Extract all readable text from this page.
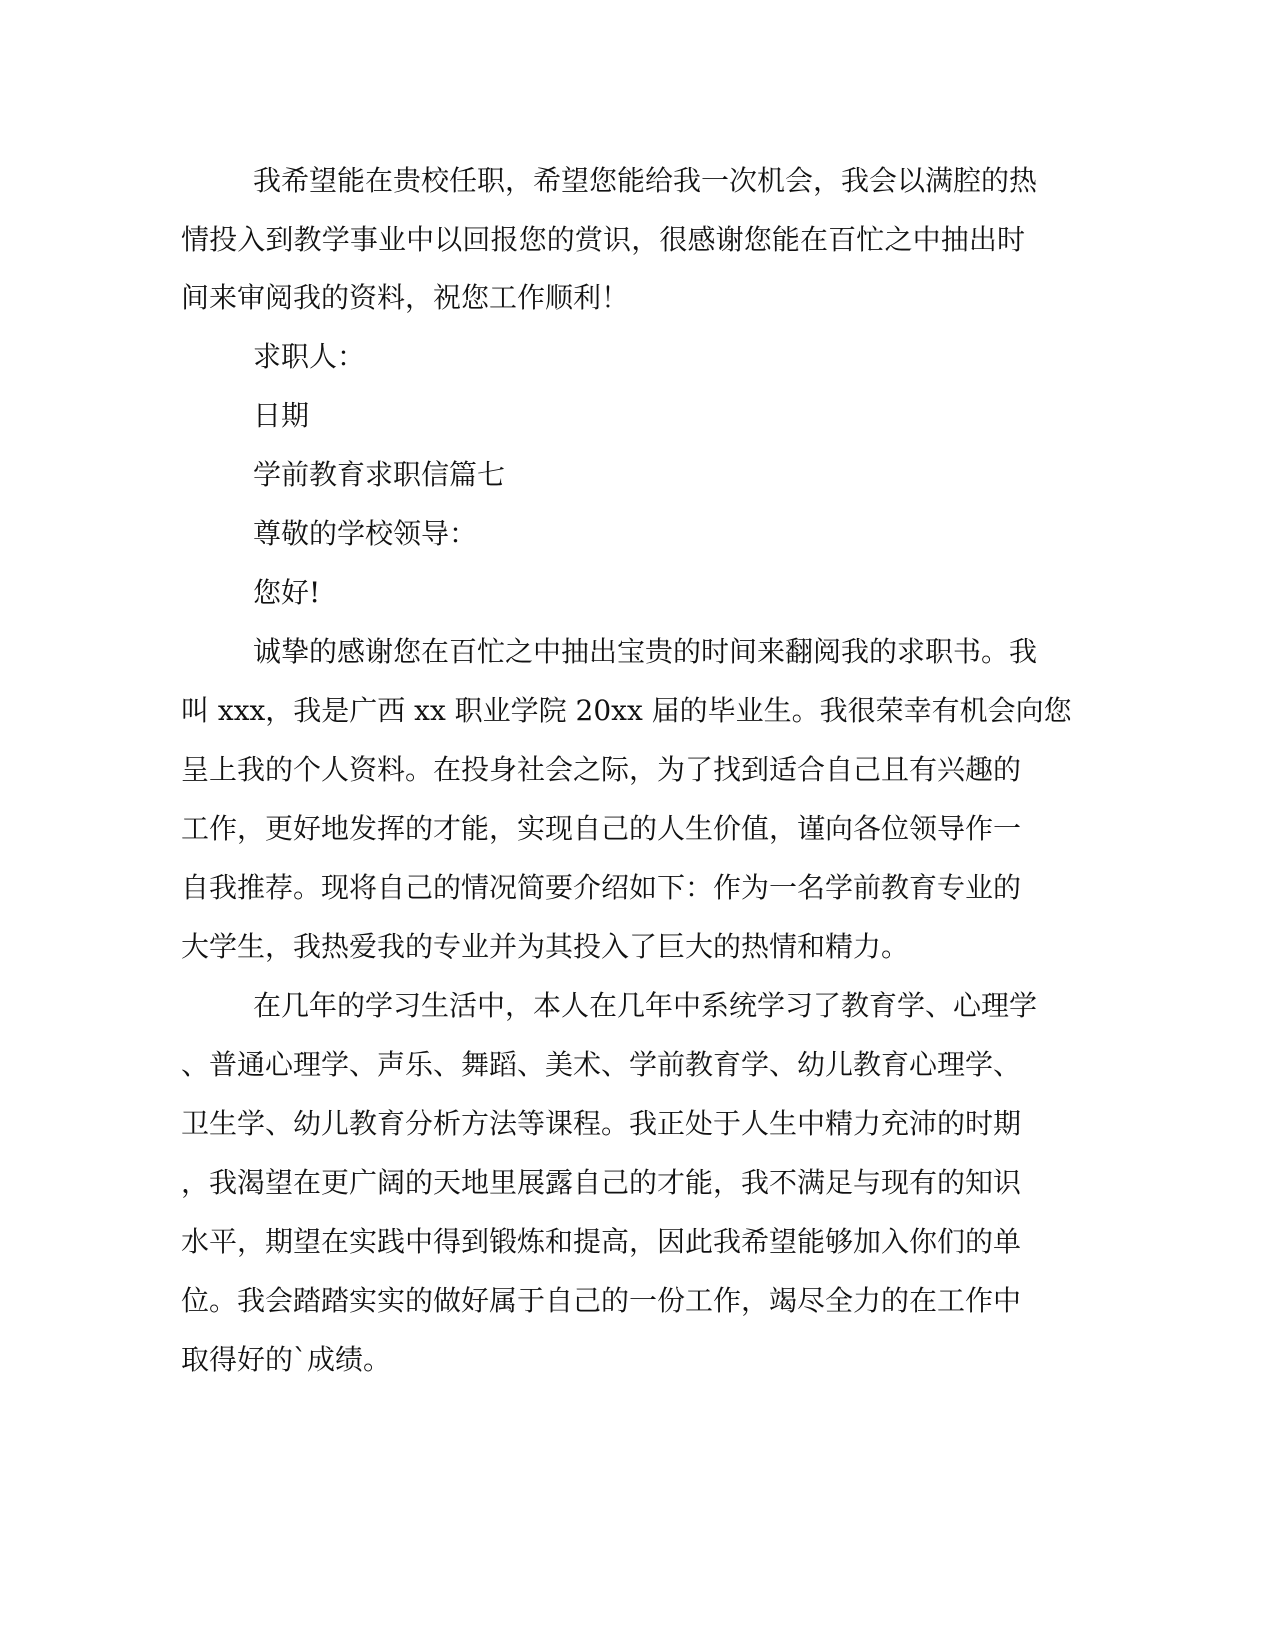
我希望能在贵校任职，希望您能给我一次机会，我会以满腔的热
情投入到教学事业中以回报您的赏识，很感谢您能在百忙之中抽出时
间来审阅我的资料，祝您工作顺利！
求职人：
日期
学前教育求职信篇七
尊敬的学校领导：
您好!
诚挚的感谢您在百忙之中抽出宝贵的时间来翻阅我的求职书。我
叫 xxx，我是广西 xx 职业学院 20xx 届的毕业生。我很荣幸有机会向您
呈上我的个人资料。在投身社会之际，为了找到适合自己且有兴趣的
工作，更好地发挥的才能，实现自己的人生价值，谨向各位领导作一
自我推荐。现将自己的情况简要介绍如下：作为一名学前教育专业的
大学生，我热爱我的专业并为其投入了巨大的热情和精力。
在几年的学习生活中，本人在几年中系统学习了教育学、心理学
、普通心理学、声乐、舞蹈、美术、学前教育学、幼儿教育心理学、
卫生学、幼儿教育分析方法等课程。我正处于人生中精力充沛的时期
，我渴望在更广阔的天地里展露自己的才能，我不满足与现有的知识
水平，期望在实践中得到锻炼和提高，因此我希望能够加入你们的单
位。我会踏踏实实的做好属于自己的一份工作，竭尽全力的在工作中
取得好的`成绩。
